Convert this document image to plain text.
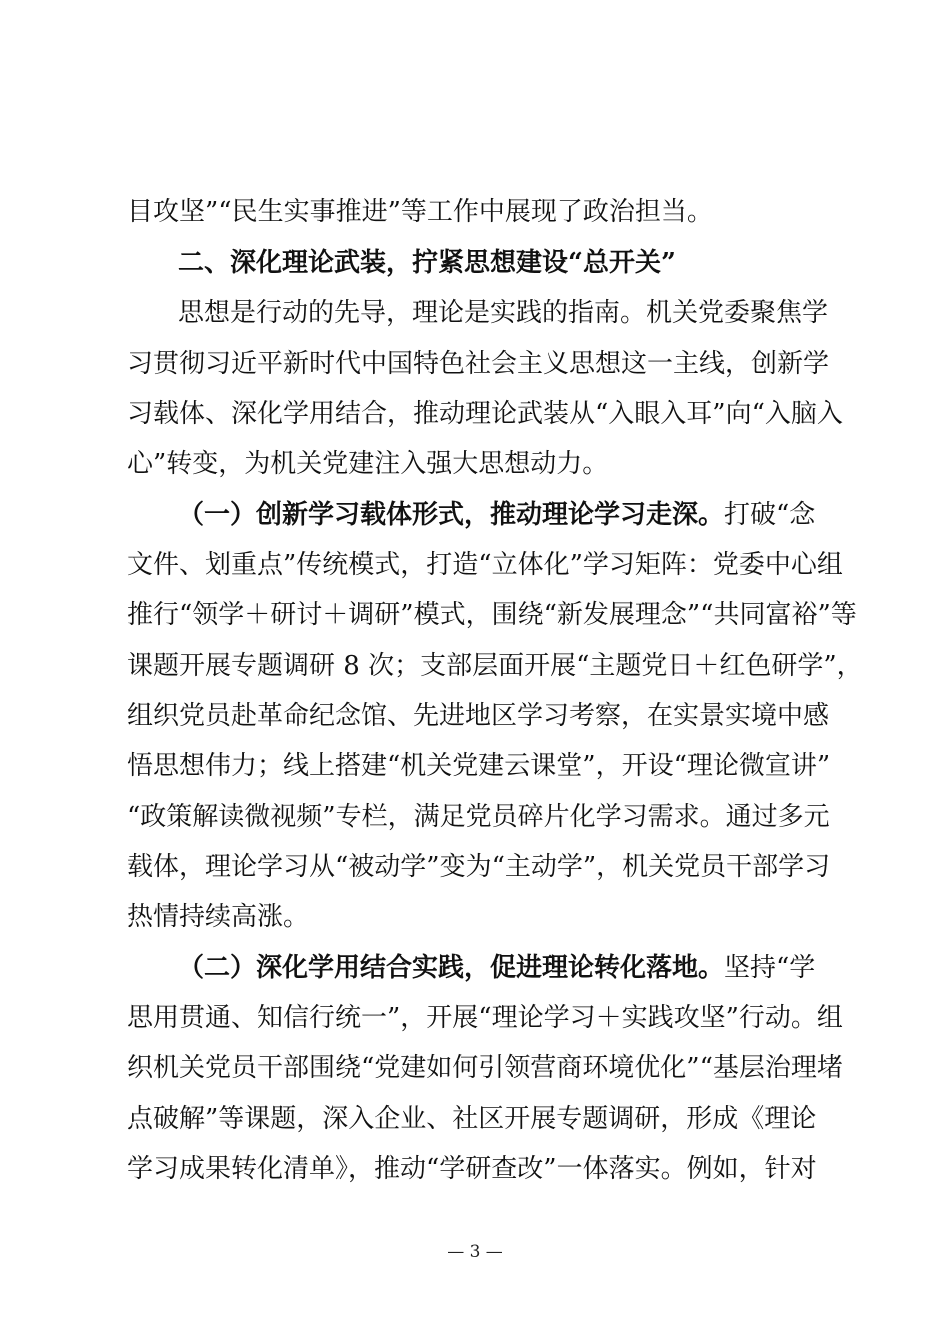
目攻坚”“民生实事推进”等工作中展现了政治担当。
二、深化理论武装，拧紧思想建设“总开关”
思想是行动的先导，理论是实践的指南。机关党委聚焦学
习贯彻习近平新时代中国特色社会主义思想这一主线，创新学
习载体、深化学用结合，推动理论武装从“入眼入耳”向“入脑入
心”转变，为机关党建注入强大思想动力。
（一）创新学习载体形式，推动理论学习走深。打破“念
文件、划重点”传统模式，打造“立体化”学习矩阵：党委中心组
推行“领学＋研讨＋调研”模式，围绕“新发展理念”“共同富裕”等
课题开展专题调研 8 次；支部层面开展“主题党日＋红色研学”，
组织党员赴革命纪念馆、先进地区学习考察，在实景实境中感
悟思想伟力；线上搭建“机关党建云课堂”，开设“理论微宣讲”
“政策解读微视频”专栏，满足党员碎片化学习需求。通过多元
载体，理论学习从“被动学”变为“主动学”，机关党员干部学习
热情持续高涨。
（二）深化学用结合实践，促进理论转化落地。坚持“学
思用贯通、知信行统一”，开展“理论学习＋实践攻坚”行动。组
织机关党员干部围绕“党建如何引领营商环境优化”“基层治理堵
点破解”等课题，深入企业、社区开展专题调研，形成《理论
学习成果转化清单》，推动“学研查改”一体落实。例如，针对
— 3 —
